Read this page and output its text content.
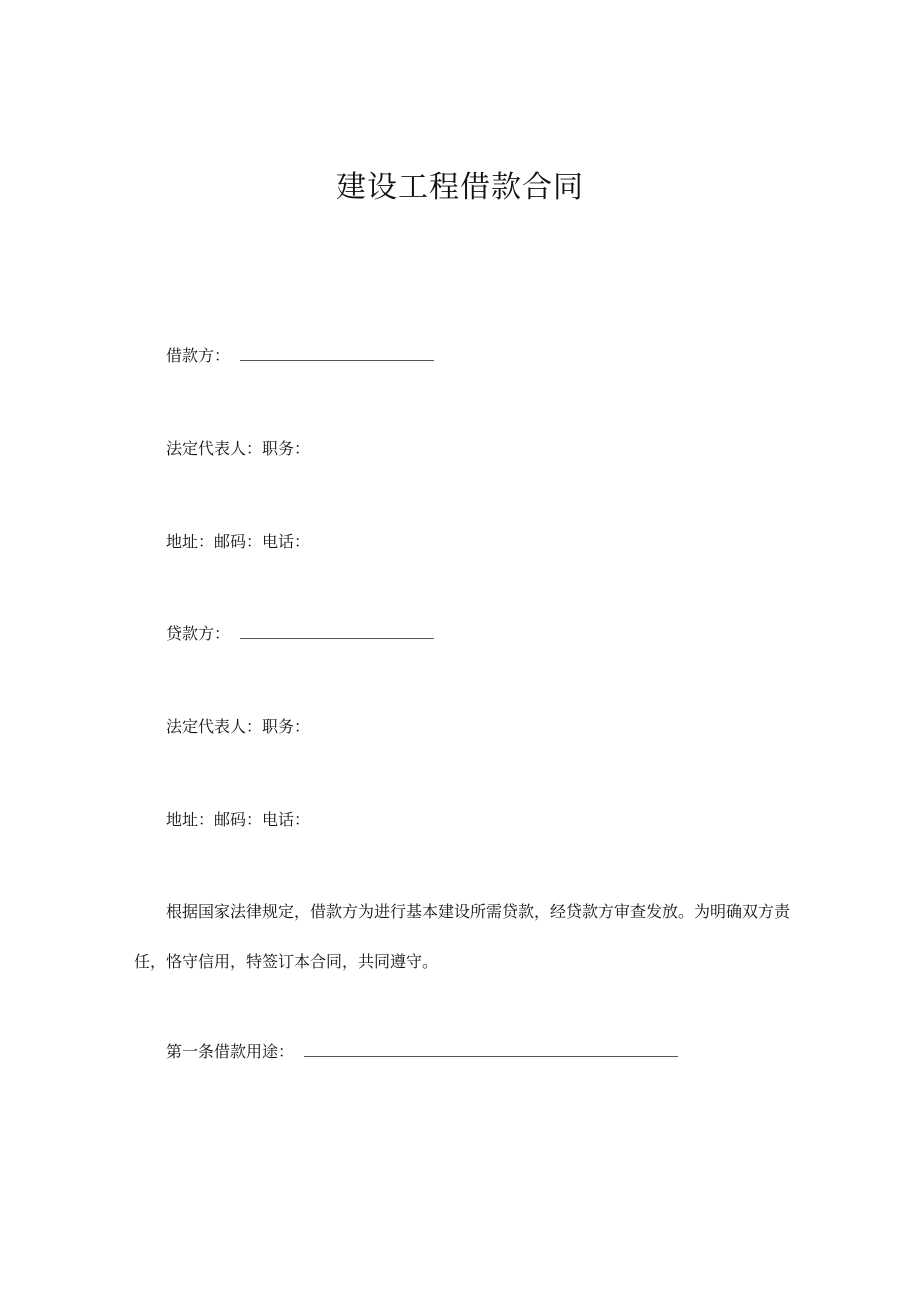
建设工程借款合同
借款方：
法定代表人：职务：
地址：邮码：电话：
贷款方：
法定代表人：职务：
地址：邮码：电话：
根据国家法律规定，借款方为进行基本建设所需贷款，经贷款方审查发放。为明确双方责任，恪守信用，特签订本合同，共同遵守。
第一条借款用途：
